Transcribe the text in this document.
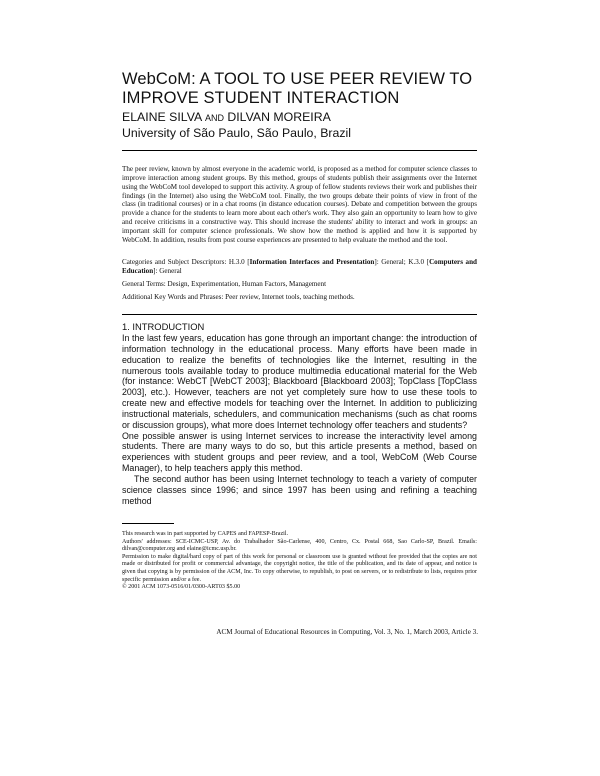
WebCoM: A TOOL TO USE PEER REVIEW TO
IMPROVE STUDENT INTERACTION
ELAINE SILVA AND DILVAN MOREIRA
University of São Paulo, São Paulo, Brazil
The peer review, known by almost everyone in the academic world, is proposed as a method for computer science classes to improve interaction among student groups. By this method, groups of students publish their assignments over the Internet using the WebCoM tool developed to support this activity. A group of fellow students reviews their work and publishes their findings (in the Internet) also using the WebCoM tool. Finally, the two groups debate their points of view in front of the class (in traditional courses) or in a chat rooms (in distance education courses). Debate and competition between the groups provide a chance for the students to learn more about each other's work. They also gain an opportunity to learn how to give and receive criticisms in a constructive way. This should increase the students' ability to interact and work in groups: an important skill for computer science professionals. We show how the method is applied and how it is supported by WebCoM. In addition, results from post course experiences are presented to help evaluate the method and the tool.
Categories and Subject Descriptors: H.3.0 [Information Interfaces and Presentation]: General; K.3.0 [Computers and Education]: General
General Terms: Design, Experimentation, Human Factors, Management
Additional Key Words and Phrases: Peer review, Internet tools, teaching methods.
1. INTRODUCTION

In the last few years, education has gone through an important change: the introduction of information technology in the educational process. Many efforts have been made in education to realize the benefits of technologies like the Internet, resulting in the numerous tools available today to produce multimedia educational material for the Web (for instance: WebCT [WebCT 2003]; Blackboard [Blackboard 2003]; TopClass [TopClass 2003], etc.). However, teachers are not yet completely sure how to use these tools to create new and effective models for teaching over the Internet. In addition to publicizing instructional materials, schedulers, and communication mechanisms (such as chat rooms or discussion groups), what more does Internet technology offer teachers and students?

One possible answer is using Internet services to increase the interactivity level among students. There are many ways to do so, but this article presents a method, based on experiences with student groups and peer review, and a tool, WebCoM (Web Course Manager), to help teachers apply this method.

The second author has been using Internet technology to teach a variety of computer science classes since 1996; and since 1997 has been using and refining a teaching method

This research was in part supported by CAPES and FAPESP-Brazil.

Authors' addresses: SCE-ICMC-USP, Av. do Trabalhador São-Carlense, 400, Centro, Cx. Postal 668, Sao Carlo-SP, Brazil. Emails: dilvan@computer.org and elaine@icmc.usp.br.

Permission to make digital/hard copy of part of this work for personal or classroom use is granted without fee provided that the copies are not made or distributed for profit or commercial advantage, the copyright notice, the title of the publication, and its date of appear, and notice is given that copying is by permission of the ACM, Inc. To copy otherwise, to republish, to post on servers, or to redistribute to lists, requires prior specific permission and/or a fee.

© 2001 ACM 1073-0516/01/0300-ART03 $5.00

ACM Journal of Educational Resources in Computing, Vol. 3, No. 1, March 2003, Article 3.
